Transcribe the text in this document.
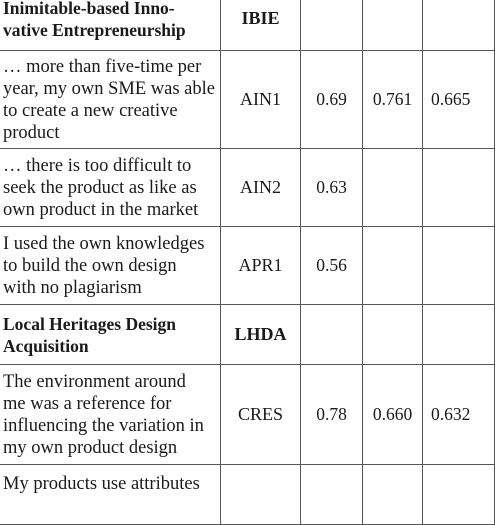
Inimitable-based Inno-
vative Entrepreneurship	IBIE			

… more than five-time per
year, my own SME was able
to create a new creative
product	AIN1	0.69	0.761	0.665

… there is too difficult to
seek the product as like as
own product in the market	AIN2	0.63		

I used the own knowledges
to build the own design
with no plagiarism	APR1	0.56		

Local Heritages Design
Acquisition	LHDA			

The environment around
me was a reference for
influencing the variation in
my own product design	CRES	0.78	0.660	0.632

My products use attributes				
